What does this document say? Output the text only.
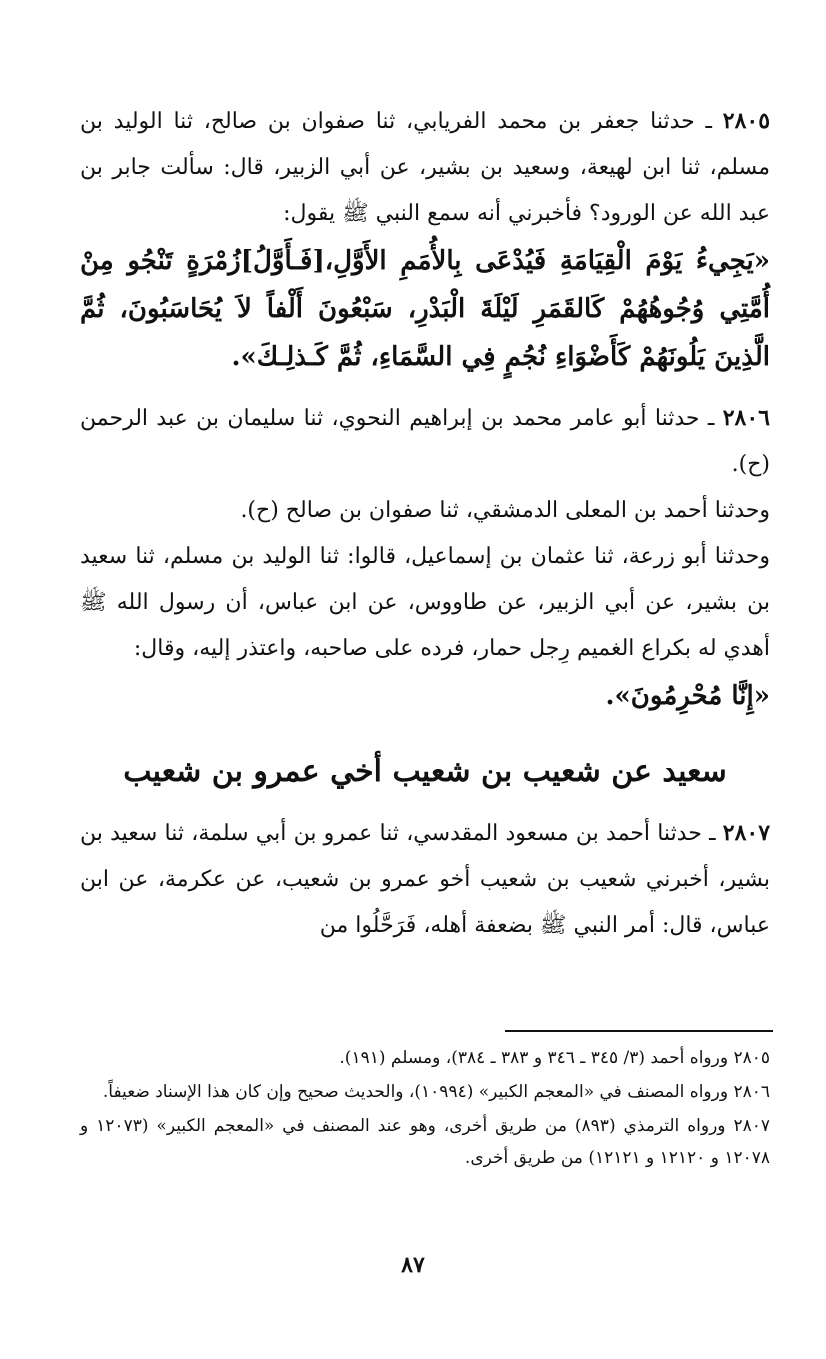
٢٨٠٥ ـ حدثنا جعفر بن محمد الفريابي، ثنا صفوان بن صالح، ثنا الوليد بن مسلم، ثنا ابن لهيعة، وسعيد بن بشير، عن أبي الزبير، قال: سألت جابر بن عبد الله عن الورود؟ فأخبرني أنه سمع النبي ﷺ يقول:

«يَجِيءُ يَوْمَ الْقِيَامَةِ فَيُدْعَى بِالأُمَمِ الأَوَّلِ،[فَـأَوَّلُ]زُمْرَةٍ تَنْجُو مِنْ أُمَّتِي وُجُوهُهُمْ كَالقَمَرِ لَيْلَةَ الْبَدْرِ، سَبْعُونَ أَلْفاً لاَ يُحَاسَبُونَ، ثُمَّ الَّذِينَ يَلُونَهُمْ كَأَضْوَاءِ نُجُمٍ فِي السَّمَاءِ، ثُمَّ كَـذلِـكَ».

٢٨٠٦ ـ حدثنا أبو عامر محمد بن إبراهيم النحوي، ثنا سليمان بن عبد الرحمن (ح).

وحدثنا أحمد بن المعلى الدمشقي، ثنا صفوان بن صالح (ح).

وحدثنا أبو زرعة، ثنا عثمان بن إسماعيل، قالوا: ثنا الوليد بن مسلم، ثنا سعيد بن بشير، عن أبي الزبير، عن طاووس، عن ابن عباس، أن رسول الله ﷺ أهدي له بكراع الغميم رِجل حمار، فرده على صاحبه، واعتذر إليه، وقال:

«إِنَّا مُحْرِمُونَ».

سعيد عن شعيب بن شعيب أخي عمرو بن شعيب

٢٨٠٧ ـ حدثنا أحمد بن مسعود المقدسي، ثنا عمرو بن أبي سلمة، ثنا سعيد بن بشير، أخبرني شعيب بن شعيب أخو عمرو بن شعيب، عن عكرمة، عن ابن عباس، قال: أمر النبي ﷺ بضعفة أهله، فَرَحَّلُوا من

٢٨٠٥ ورواه أحمد (٣/ ٣٤٥ ـ ٣٤٦ و ٣٨٣ ـ ٣٨٤)، ومسلم (١٩١).

٢٨٠٦ ورواه المصنف في «المعجم الكبير» (١٠٩٩٤)، والحديث صحيح وإن كان هذا الإسناد ضعيفاً.

٢٨٠٧ ورواه الترمذي (٨٩٣) من طريق أخرى، وهو عند المصنف في «المعجم الكبير» (١٢٠٧٣ و ١٢٠٧٨ و ١٢١٢٠ و ١٢١٢١) من طريق أخرى.

٨٧
